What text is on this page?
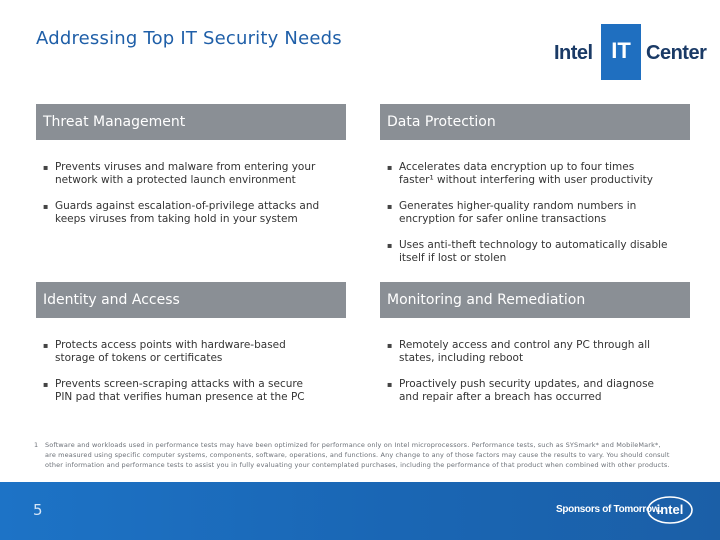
Addressing Top IT Security Needs
Intel IT Center
Threat Management
▪ Prevents viruses and malware from entering your
network with a protected launch environment
▪ Guards against escalation-of-privilege attacks and
keeps viruses from taking hold in your system
Data Protection
▪ Accelerates data encryption up to four times
faster¹ without interfering with user productivity
▪ Generates higher-quality random numbers in
encryption for safer online transactions
▪ Uses anti-theft technology to automatically disable
itself if lost or stolen
Identity and Access
▪ Protects access points with hardware-based
storage of tokens or certificates
▪ Prevents screen-scraping attacks with a secure
PIN pad that verifies human presence at the PC
Monitoring and Remediation
▪ Remotely access and control any PC through all
states, including reboot
▪ Proactively push security updates, and diagnose
and repair after a breach has occurred
1	Software and workloads used in performance tests may have been optimized for performance only on Intel microprocessors. Performance tests, such as SYSmark* and MobileMark*,
are measured using specific computer systems, components, software, operations, and functions. Any change to any of those factors may cause the results to vary. You should consult
other information and performance tests to assist you in fully evaluating your contemplated purchases, including the performance of that product when combined with other products.
5	Sponsors of Tomorrow.
intel
